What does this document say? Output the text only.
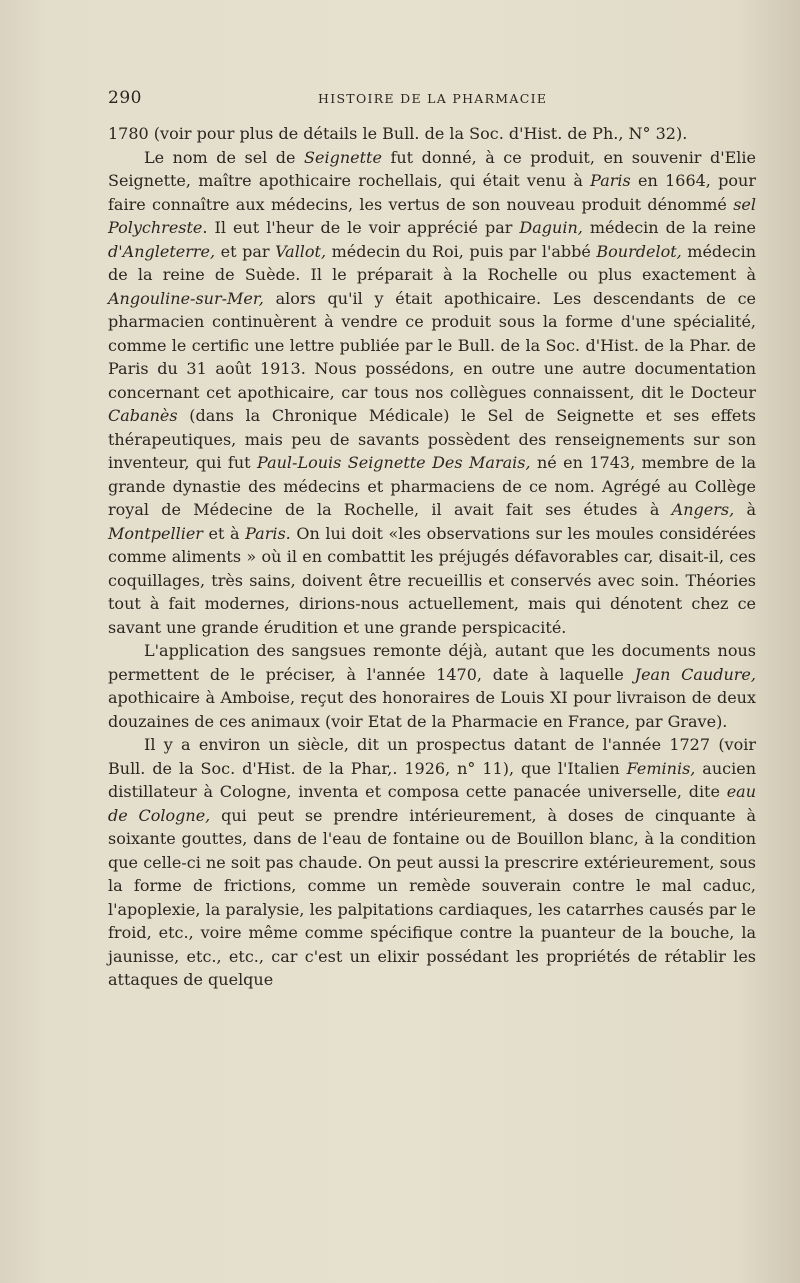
290	HISTOIRE DE LA PHARMACIE

1780 (voir pour plus de détails le Bull. de la Soc. d'Hist. de Ph., N° 32).

Le nom de sel de Seignette fut donné, à ce produit, en souvenir d'Elie Seignette, maître apothicaire rochellais, qui était venu à Paris en 1664, pour faire connaître aux médecins, les vertus de son nouveau produit dénommé sel Polychreste. Il eut l'heur de le voir apprécié par Daguin, médecin de la reine d'Angleterre, et par Vallot, médecin du Roi, puis par l'abbé Bourdelot, médecin de la reine de Suède. Il le préparait à la Rochelle ou plus exactement à Angouline-sur-Mer, alors qu'il y était apothicaire. Les descendants de ce pharmacien continuèrent à vendre ce produit sous la forme d'une spécialité, comme le certific une lettre publiée par le Bull. de la Soc. d'Hist. de la Phar. de Paris du 31 août 1913. Nous possédons, en outre une autre documentation concernant cet apothicaire, car tous nos collègues connaissent, dit le Docteur Cabanès (dans la Chronique Médicale) le Sel de Seignette et ses effets thérapeutiques, mais peu de savants possèdent des renseignements sur son inventeur, qui fut Paul-Louis Seignette Des Marais, né en 1743, membre de la grande dynastie des médecins et pharmaciens de ce nom. Agrégé au Collège royal de Médecine de la Rochelle, il avait fait ses études à Angers, à Montpellier et à Paris. On lui doit «les observations sur les moules considérées comme aliments » où il en combattit les préjugés défavorables car, disait-il, ces coquillages, très sains, doivent être recueillis et conservés avec soin. Théories tout à fait modernes, dirions-nous actuellement, mais qui dénotent chez ce savant une grande érudition et une grande perspicacité.

L'application des sangsues remonte déjà, autant que les documents nous permettent de le préciser, à l'année 1470, date à laquelle Jean Caudure, apothicaire à Amboise, reçut des honoraires de Louis XI pour livraison de deux douzaines de ces animaux (voir Etat de la Pharmacie en France, par Grave).

Il y a environ un siècle, dit un prospectus datant de l'année 1727 (voir Bull. de la Soc. d'Hist. de la Phar,. 1926, n° 11), que l'Italien Feminis, aucien distillateur à Cologne, inventa et composa cette panacée universelle, dite eau de Cologne, qui peut se prendre intérieurement, à doses de cinquante à soixante gouttes, dans de l'eau de fontaine ou de Bouillon blanc, à la condition que celle-ci ne soit pas chaude. On peut aussi la prescrire extérieurement, sous la forme de frictions, comme un remède souverain contre le mal caduc, l'apoplexie, la paralysie, les palpitations cardiaques, les catarrhes causés par le froid, etc., voire même comme spécifique contre la puanteur de la bouche, la jaunisse, etc., etc., car c'est un elixir possédant les propriétés de rétablir les attaques de quelque
